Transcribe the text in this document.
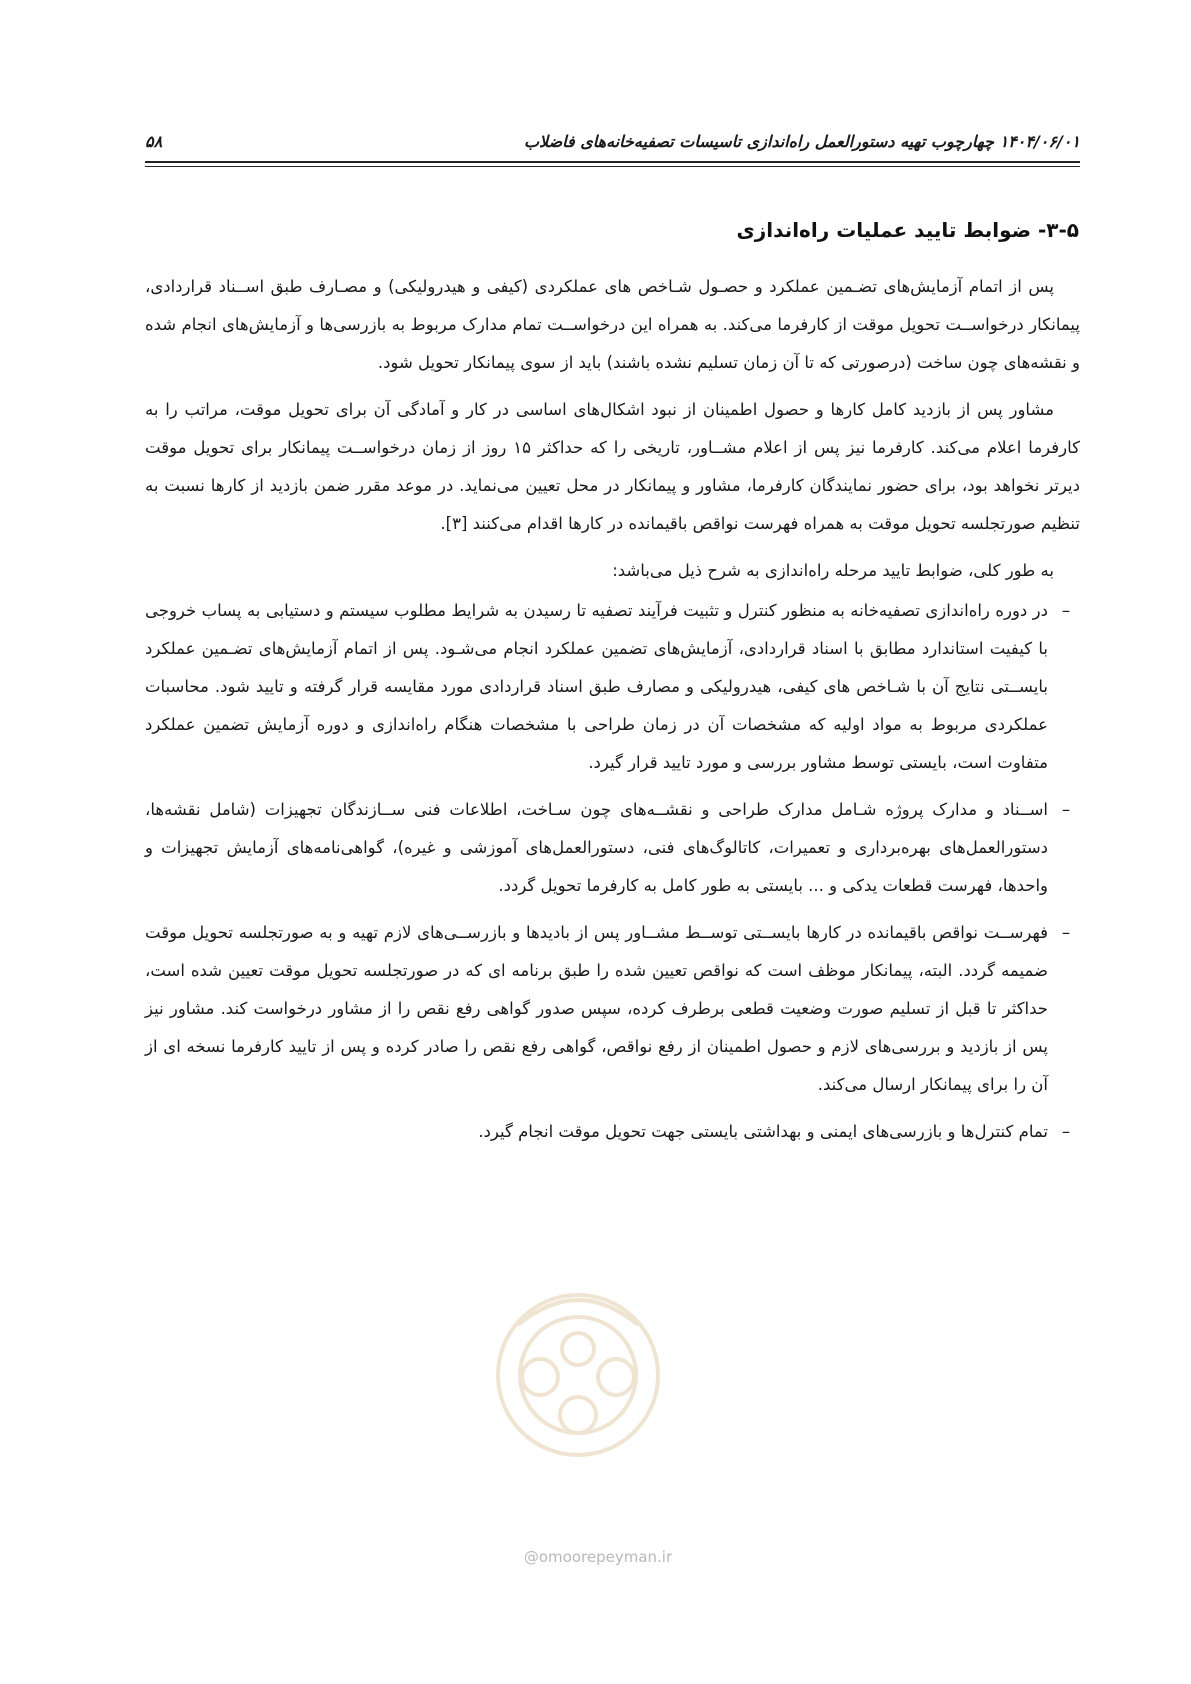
۱۴۰۴/۰۶/۰۱ چهارچوب تهیه دستورالعمل راه‌اندازی تاسیسات تصفیه‌خانه‌های فاضلاب
۵۸
۳-۵- ضوابط تایید عملیات راه‌اندازی

پس از اتمام آزمایش‌های تضـمین عملکرد و حصـول شـاخص های عملکردی (کیفی و هیدرولیکی) و مصـارف طبق اســناد قراردادی، پیمانکار درخواســت تحویل موقت از کارفرما می‌کند. به همراه این درخواســت تمام مدارک مربوط به بازرسی‌ها و آزمایش‌های انجام شده و نقشه‌های چون ساخت (درصورتی که تا آن زمان تسلیم نشده باشند) باید از سوی پیمانکار تحویل شود.

مشاور پس از بازدید کامل کارها و حصول اطمینان از نبود اشکال‌های اساسی در کار و آمادگی آن برای تحویل موقت، مراتب را به کارفرما اعلام می‌کند. کارفرما نیز پس از اعلام مشــاور، تاریخی را که حداکثر ۱۵ روز از زمان درخواســت پیمانکار برای تحویل موقت دیرتر نخواهد بود، برای حضور نمایندگان کارفرما، مشاور و پیمانکار در محل تعیین می‌نماید. در موعد مقرر ضمن بازدید از کارها نسبت به تنظیم صورتجلسه تحویل موقت به همراه فهرست نواقص باقیمانده در کارها اقدام می‌کنند [۳].

به طور کلی، ضوابط تایید مرحله راه‌اندازی به شرح ذیل می‌باشد:

–
در دوره راه‌اندازی تصفیه‌خانه به منظور کنترل و تثبیت فرآیند تصفیه تا رسیدن به شرایط مطلوب سیستم و دستیابی به پساب خروجی با کیفیت استاندارد مطابق با اسناد قراردادی، آزمایش‌های تضمین عملکرد انجام می‌شـود. پس از اتمام آزمایش‌های تضـمین عملکرد بایســتی نتایج آن با شـاخص های کیفی، هیدرولیکی و مصارف طبق اسناد قراردادی مورد مقایسه قرار گرفته و تایید شود. محاسبات عملکردی مربوط به مواد اولیه که مشخصات آن در زمان طراحی با مشخصات هنگام راه‌اندازی و دوره آزمایش تضمین عملکرد متفاوت است، بایستی توسط مشاور بررسی و مورد تایید قرار گیرد.
–
اســناد و مدارک پروژه شـامل مدارک طراحی و نقشــه‌های چون سـاخت، اطلاعات فنی ســازندگان تجهیزات (شامل نقشه‌ها، دستورالعمل‌های بهره‌برداری و تعمیرات، کاتالوگ‌های فنی، دستورالعمل‌های آموزشی و غیره)، گواهی‌نامه‌های آزمایش تجهیزات و واحدها، فهرست قطعات یدکی و ... بایستی به طور کامل به کارفرما تحویل گردد.
–
فهرســت نواقص باقیمانده در کارها بایســتی توســط مشــاور پس از بادیدها و بازرســی‌های لازم تهیه و به صورتجلسه تحویل موقت ضمیمه گردد. البته، پیمانکار موظف است که نواقص تعیین شده را طبق برنامه ای که در صورتجلسه تحویل موقت تعیین شده است، حداکثر تا قبل از تسلیم صورت وضعیت قطعی برطرف کرده، سپس صدور گواهی رفع نقص را از مشاور درخواست کند. مشاور نیز پس از بازدید و بررسی‌های لازم و حصول اطمینان از رفع نواقص، گواهی رفع نقص را صادر کرده و پس از تایید کارفرما نسخه ای از آن را برای پیمانکار ارسال می‌کند.
–
تمام کنترل‌ها و بازرسی‌های ایمنی و بهداشتی بایستی جهت تحویل موقت انجام گیرد.
@omoorepeyman.ir
